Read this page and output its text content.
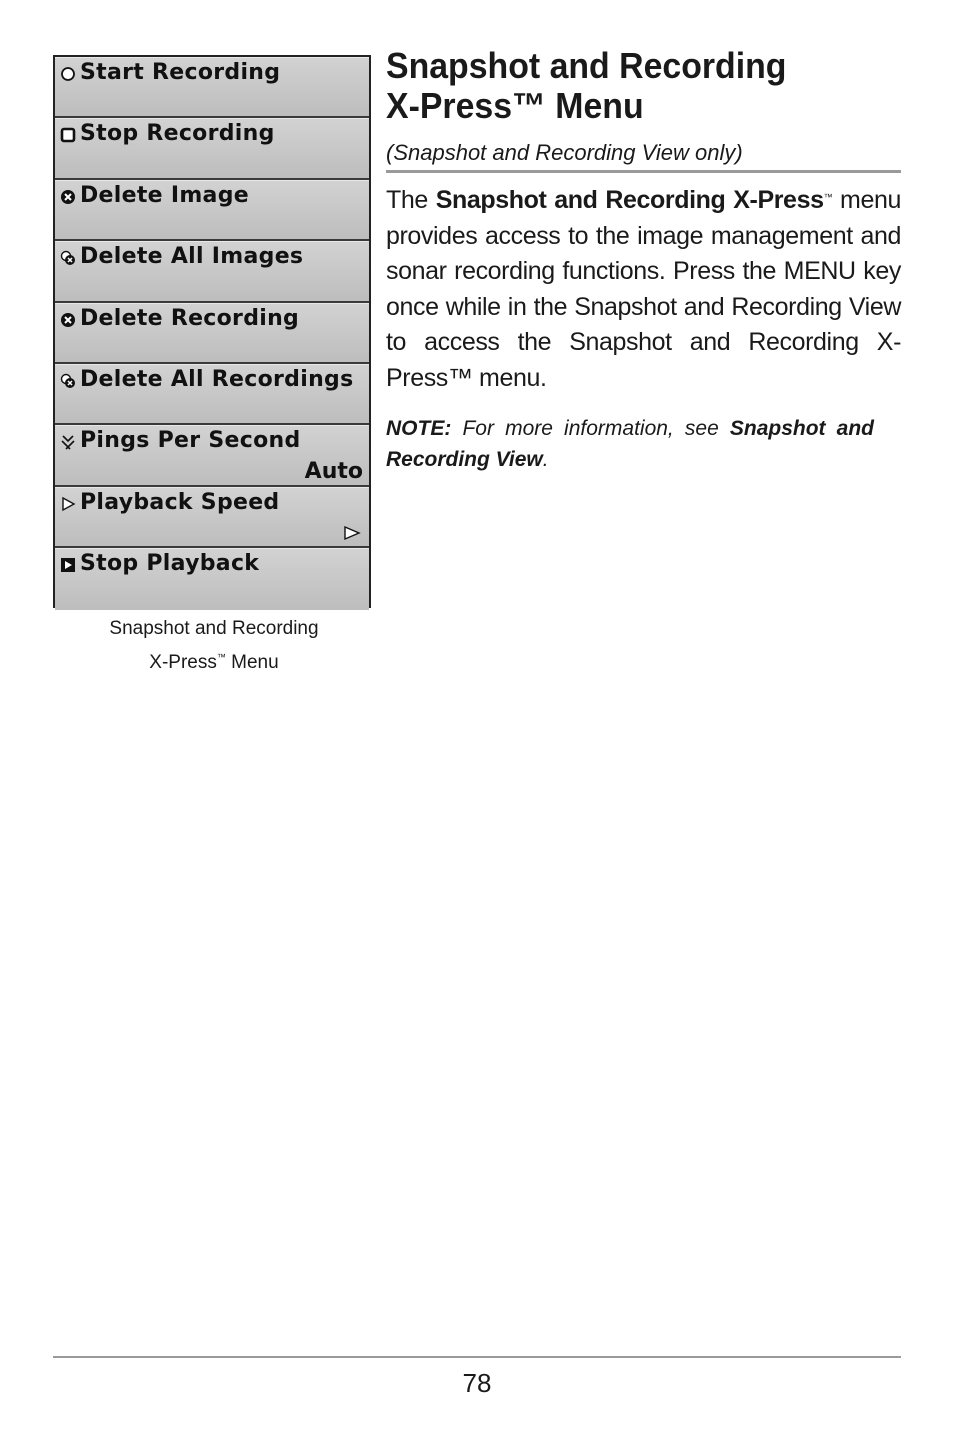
Start Recording
Stop Recording
Delete Image
Delete All Images
Delete Recording
Delete All Recordings
Pings Per Second
Auto
Playback Speed
Stop Playback
Snapshot and Recording
X-Press™ Menu
Snapshot and Recording
X-Press™ Menu
(Snapshot and Recording View only)

The Snapshot and Recording X-Press™ menu provides access to the image management and sonar recording functions. Press the MENU key once while in the Snapshot and Recording View to access the Snapshot and Recording X-Press™ menu.

NOTE: For more information, see Snapshot and Recording View.

78
